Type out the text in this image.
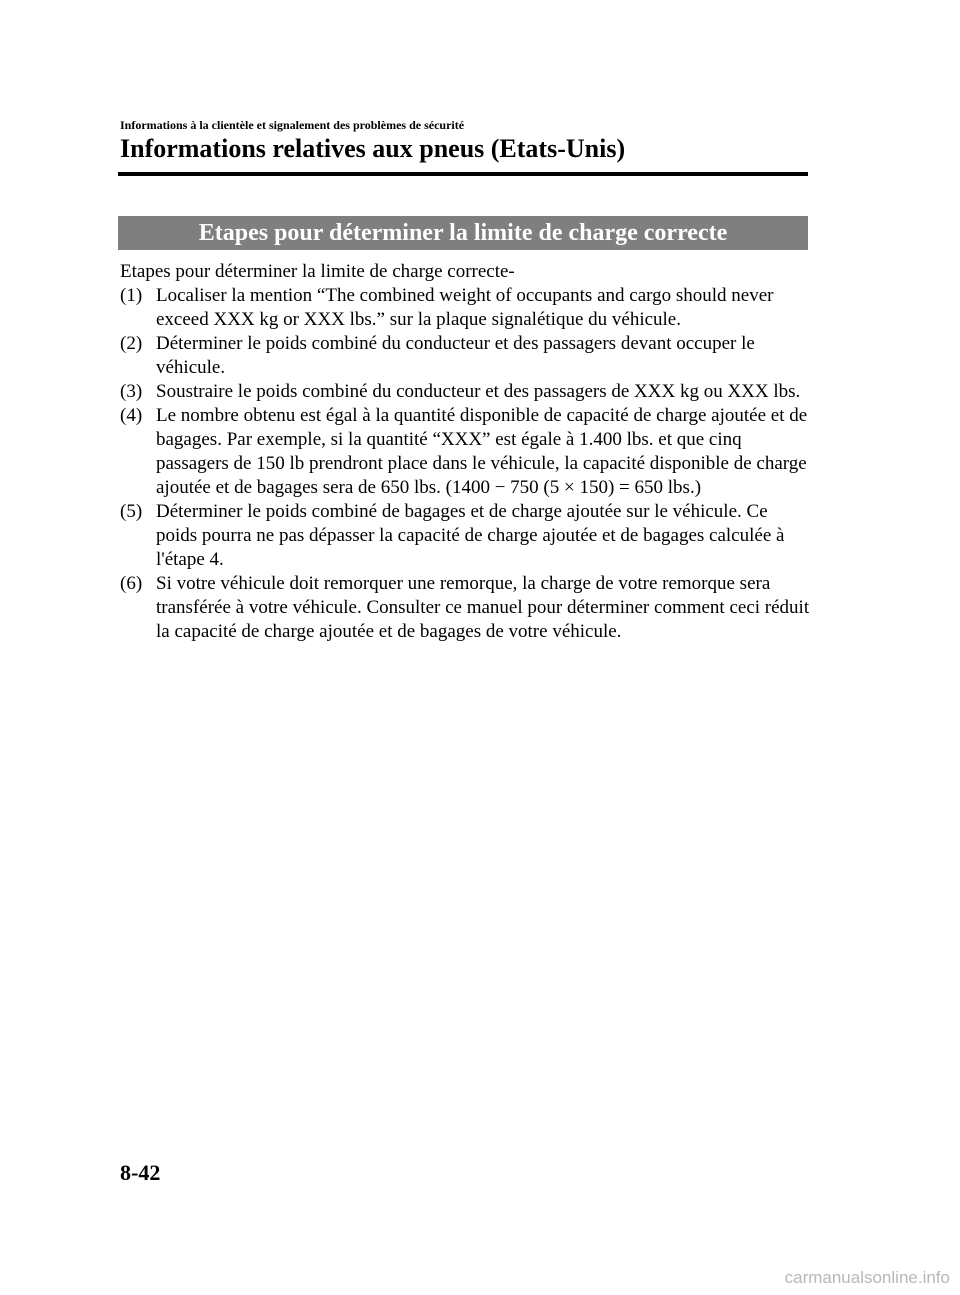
Informations à la clientèle et signalement des problèmes de sécurité
Informations relatives aux pneus (Etats-Unis)
Etapes pour déterminer la limite de charge correcte

Etapes pour déterminer la limite de charge correcte-

(1) Localiser la mention “The combined weight of occupants and cargo should never exceed XXX kg or XXX lbs.” sur la plaque signalétique du véhicule.
(2) Déterminer le poids combiné du conducteur et des passagers devant occuper le véhicule.
(3) Soustraire le poids combiné du conducteur et des passagers de XXX kg ou XXX lbs.
(4) Le nombre obtenu est égal à la quantité disponible de capacité de charge ajoutée et de bagages. Par exemple, si la quantité “XXX” est égale à 1.400 lbs. et que cinq passagers de 150 lb prendront place dans le véhicule, la capacité disponible de charge ajoutée et de bagages sera de 650 lbs. (1400 − 750 (5 × 150) = 650 lbs.)
(5) Déterminer le poids combiné de bagages et de charge ajoutée sur le véhicule. Ce poids pourra ne pas dépasser la capacité de charge ajoutée et de bagages calculée à l'étape 4.
(6) Si votre véhicule doit remorquer une remorque, la charge de votre remorque sera transférée à votre véhicule. Consulter ce manuel pour déterminer comment ceci réduit la capacité de charge ajoutée et de bagages de votre véhicule.
8-42
carmanualsonline.info
